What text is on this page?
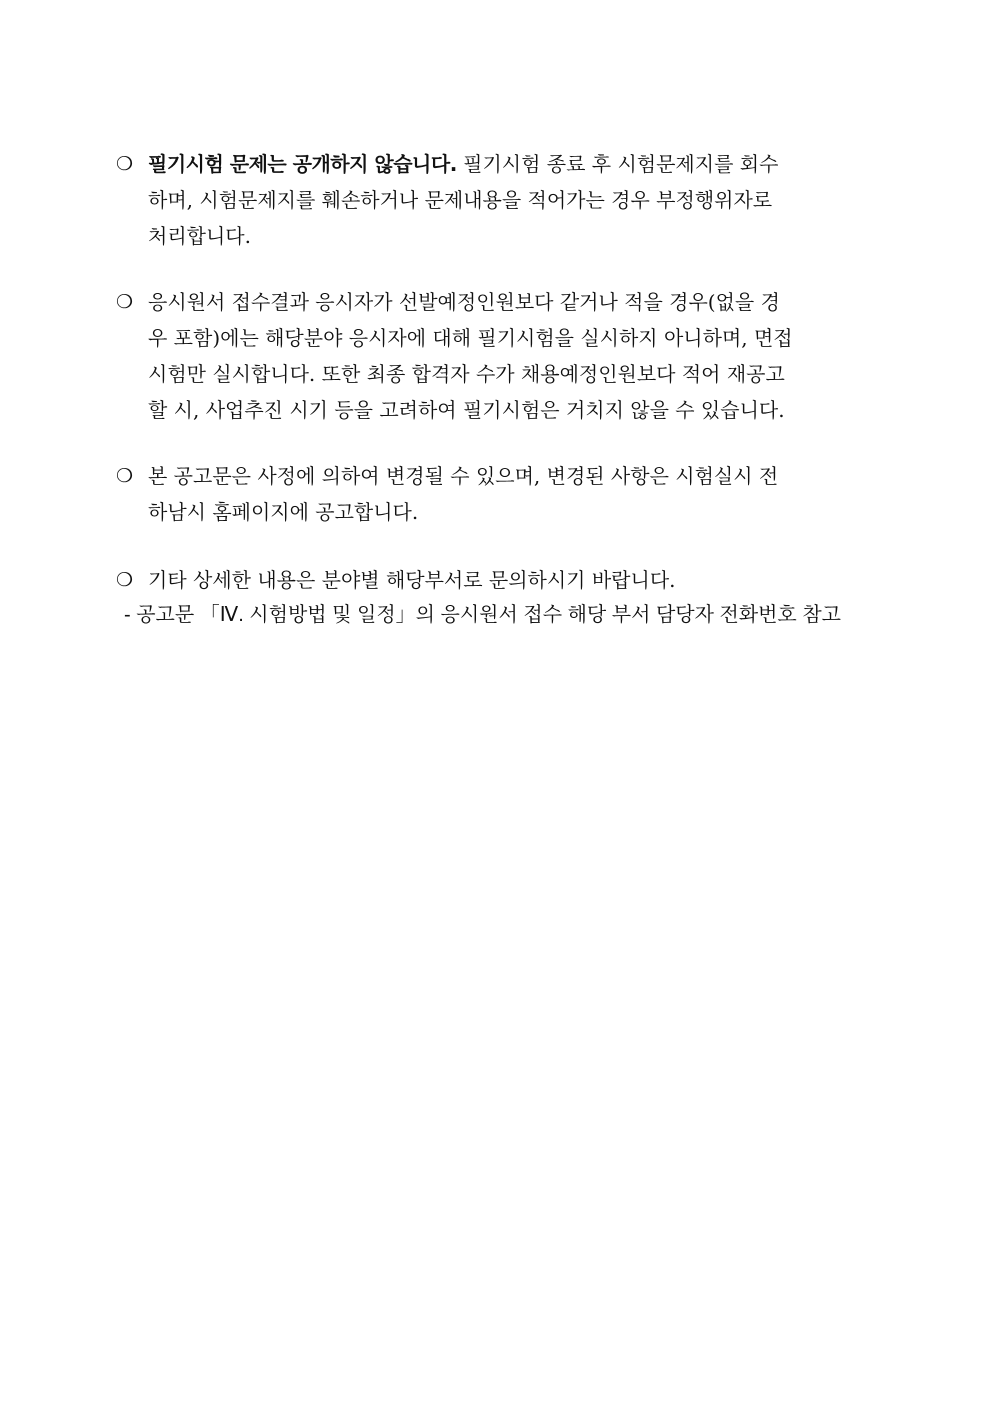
❍ 필기시험 문제는 공개하지 않습니다. 필기시험 종료 후 시험문제지를 회수
하며, 시험문제지를 훼손하거나 문제내용을 적어가는 경우 부정행위자로
처리합니다.
❍ 응시원서 접수결과 응시자가 선발예정인원보다 같거나 적을 경우(없을 경
우 포함)에는 해당분야 응시자에 대해 필기시험을 실시하지 아니하며, 면접
시험만 실시합니다. 또한 최종 합격자 수가 채용예정인원보다 적어 재공고
할 시, 사업추진 시기 등을 고려하여 필기시험은 거치지 않을 수 있습니다.
❍ 본 공고문은 사정에 의하여 변경될 수 있으며, 변경된 사항은 시험실시 전
하남시 홈페이지에 공고합니다.
❍ 기타 상세한 내용은 분야별 해당부서로 문의하시기 바랍니다.
- 공고문 「Ⅳ. 시험방법 및 일정」의 응시원서 접수 해당 부서 담당자 전화번호 참고
